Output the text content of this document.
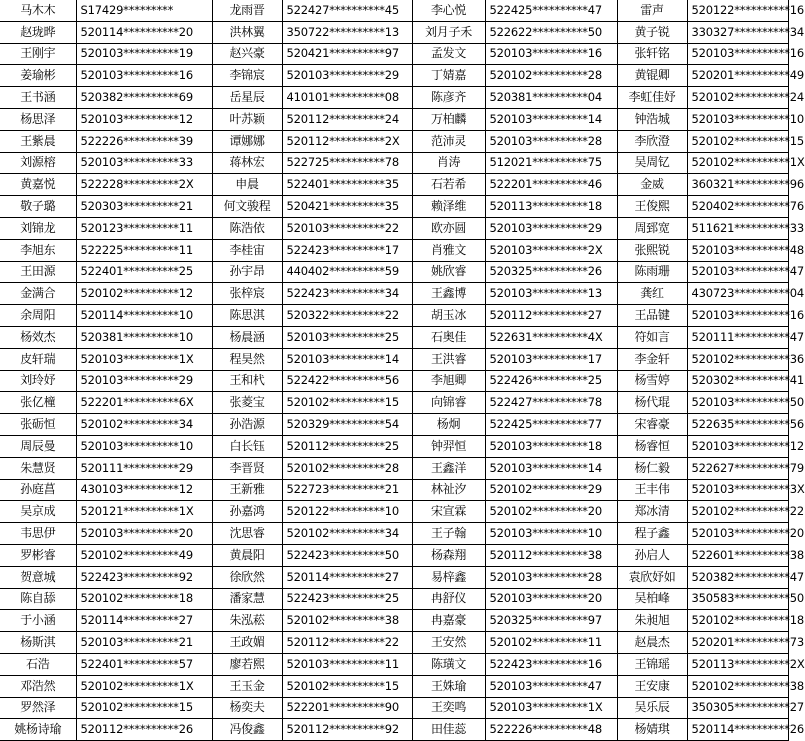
马木木	S17429*********	龙雨晋	522427**********45	李心悦	522425**********47	雷声	520122**********16
赵珑晔	520114**********20	洪林翼	350722**********13	刘月子禾	522622**********50	黄子锐	330327**********34
王刚宇	520103**********19	赵兴豪	520421**********97	孟发文	520103**********16	张轩铭	520103**********16
姜瑜彬	520103**********16	李锦宸	520103**********29	丁婧嘉	520102**********28	黄锟卿	520201**********49
王书涵	520382**********69	岳星辰	410101**********08	陈彦齐	520381**********04	李虹佳妤	520102**********24
杨思泽	520103**********12	叶苏颖	520112**********24	万柏麟	520103**********14	钟浩城	520103**********10
王紫晨	522226**********39	谭娜娜	520112**********2X	范沛灵	520103**********28	李欣澄	520102**********15
刘源榕	520103**********33	蒋林宏	522725**********78	肖涛	512021**********75	吴周钇	520102**********1X
黄嘉悦	522228**********2X	申晨	522401**********35	石若希	522201**********46	金威	360321**********96
敬子璐	520303**********21	何文骏程	520421**********35	赖泽维	520113**********18	王俊熙	520402**********76
刘锦龙	520123**********11	陈浩依	520103**********22	欧亦圆	520103**********29	周郅宽	511621**********33
李旭东	522225**********11	李桂宙	522423**********17	肖雅文	520103**********2X	张熙锐	520103**********48
王田源	522401**********25	孙宇昂	440402**********59	姚欣睿	520325**********26	陈雨珊	520103**********47
金满合	520102**********12	张梓宸	522423**********34	王鑫博	520103**********13	龚红	430723**********04
余周阳	520114**********10	陈思淇	520322**********22	胡玉冰	520112**********27	王品键	520103**********16
杨效杰	520381**********10	杨晨涵	520103**********25	石奥佳	522631**********4X	符如言	520111**********47
皮轩瑞	520103**********1X	程昊然	520103**********14	王洪睿	520103**********17	李金轩	520102**********36
刘玲妤	520103**********29	王和杙	522422**********56	李旭卿	522426**********25	杨雪婷	520302**********41
张亿橦	522201**********6X	张菱宝	520102**********15	向锦睿	522427**********78	杨代琨	520103**********50
张砺恒	520102**********34	孙浩源	520329**********54	杨炯	522425**********77	宋睿豪	522635**********56
周辰曼	520103**********10	白长钰	520112**********25	钟羿恒	520103**********18	杨睿恒	520103**********12
朱慧贤	520111**********29	李晋贤	520102**********28	王鑫洋	520103**********14	杨仁毅	522627**********79
孙庭菖	430103**********12	王新雅	522723**********21	林祉汐	520102**********29	王丰伟	520103**********3X
吴京成	520121**********1X	孙嘉鸿	520122**********10	宋宣霖	520102**********20	郑冰清	520102**********22
韦思伊	520103**********20	沈思睿	520102**********34	王子翰	520103**********10	程子鑫	520103**********20
罗彬睿	520102**********49	黄晨阳	522423**********50	杨森翔	520112**********38	孙启人	522601**********38
贺意城	522423**********92	徐欣然	520114**********27	易梓鑫	520103**********28	袁欣妤如	520382**********47
陈自舔	520102**********18	潘家慧	522423**********25	冉舒仪	520103**********20	吴柏峰	350583**********50
于小涵	520114**********27	朱泓菘	520102**********38	冉嘉豪	520325**********97	朱昶旭	520102**********18
杨斯淇	520103**********21	王政媚	520112**********22	王安然	520102**********11	赵晨杰	520201**********73
石浩	522401**********57	廖若熙	520103**********11	陈璜文	522423**********16	王锦瑶	520113**********2X
邓浩然	520102**********1X	王玉金	520102**********15	王姝瑜	520103**********47	王安康	520102**********38
罗然泽	520102**********15	杨奕夫	522201**********90	王奕鸣	520103**********1X	吴乐辰	350305**********27
姚杨诗瑜	520112**********26	冯俊鑫	520112**********92	田佳蕊	522226**********48	杨婧琪	520114**********26
